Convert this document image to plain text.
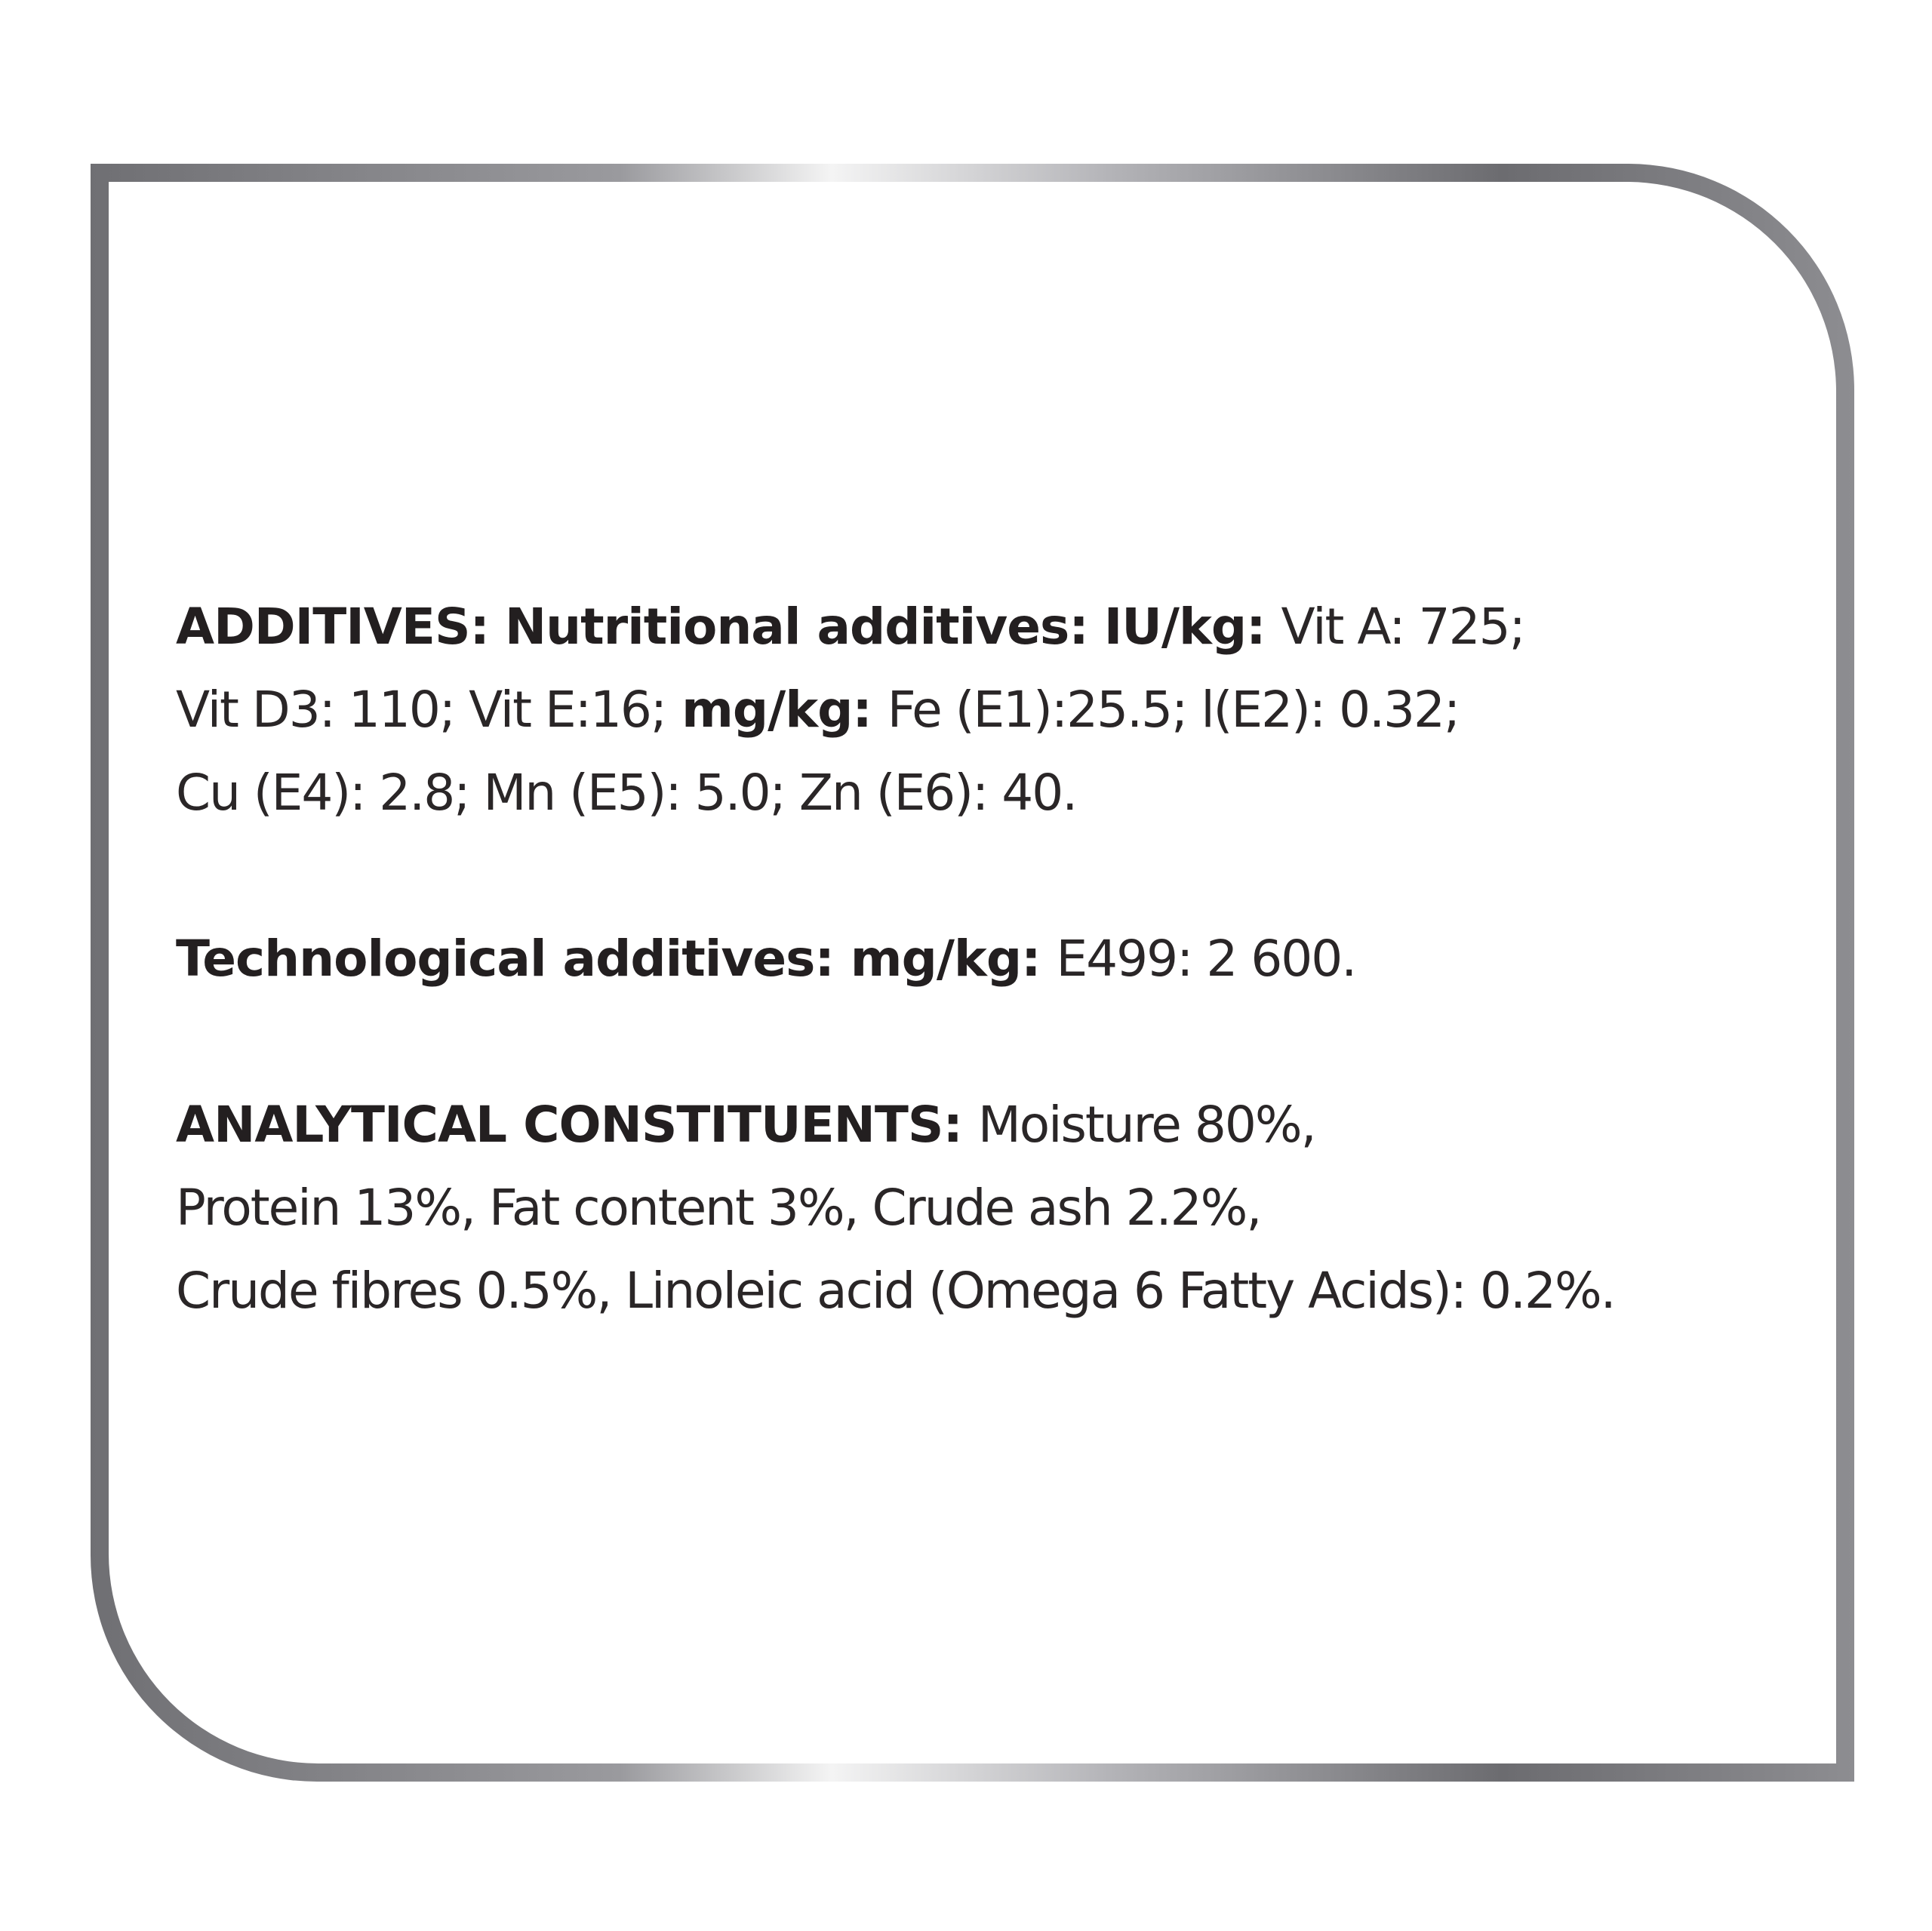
ADDITIVES: Nutritional additives: IU/kg: Vit A: 725;
Vit D3: 110; Vit E:16; mg/kg: Fe (E1):25.5; l(E2): 0.32;
Cu (E4): 2.8; Mn (E5): 5.0; Zn (E6): 40.

Technological additives: mg/kg: E499: 2 600.

ANALYTICAL CONSTITUENTS: Moisture 80%,
Protein 13%, Fat content 3%, Crude ash 2.2%,
Crude fibres 0.5%, Linoleic acid (Omega 6 Fatty Acids): 0.2%.
